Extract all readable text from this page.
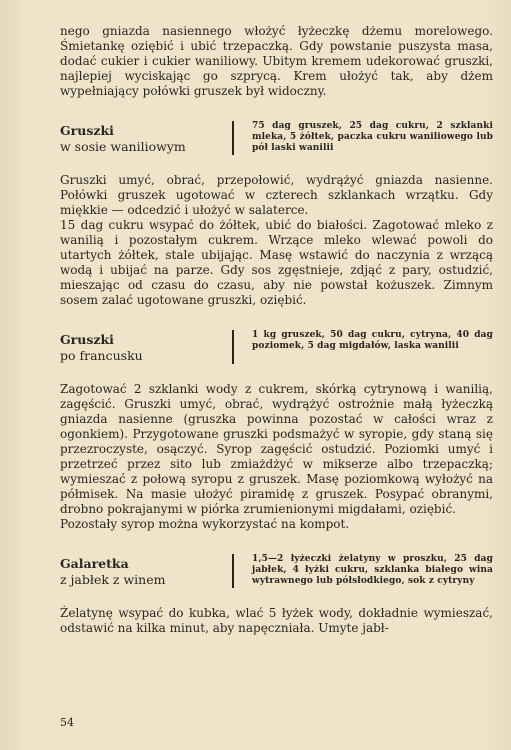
nego gniazda nasiennego włożyć łyżeczkę dżemu morelowego. Śmietankę oziębić i ubić trzepaczką. Gdy powstanie puszysta masa, dodać cukier i cukier waniliowy. Ubitym kremem udekorować gruszki, najlepiej wyciskając go szprycą. Krem ułożyć tak, aby dżem wypełniający połówki gruszek był widoczny.

Gruszki
w sosie waniliowym
75 dag gruszek, 25 dag cukru, 2 szklanki mleka, 5 żółtek, paczka cukru waniliowego lub pół laski wanilii

Gruszki umyć, obrać, przepołowić, wydrążyć gniazda nasienne. Połówki gruszek ugotować w czterech szklankach wrzątku. Gdy miękkie — odcedzić i ułożyć w salaterce.

15 dag cukru wsypać do żółtek, ubić do białości. Zagotować mleko z wanilią i pozostałym cukrem. Wrzące mleko wlewać powoli do utartych żółtek, stale ubijając. Masę wstawić do naczynia z wrzącą wodą i ubijać na parze. Gdy sos zgęstnieje, zdjąć z pary, ostudzić, mieszając od czasu do czasu, aby nie powstał kożuszek. Zimnym sosem zalać ugotowane gruszki, oziębić.

Gruszki
po francusku
1 kg gruszek, 50 dag cukru, cytryna, 40 dag poziomek, 5 dag migdałów, laska wanilii

Zagotować 2 szklanki wody z cukrem, skórką cytrynową i wanilią, zagęścić. Gruszki umyć, obrać, wydrążyć ostrożnie małą łyżeczką gniazda nasienne (gruszka powinna pozostać w całości wraz z ogonkiem). Przygotowane gruszki podsmażyć w syropie, gdy staną się przezroczyste, osączyć. Syrop zagęścić ostudzić. Poziomki umyć i przetrzeć przez sito lub zmiażdżyć w mikserze albo trzepaczką; wymieszać z połową syropu z gruszek. Masę poziomkową wyłożyć na półmisek. Na masie ułożyć piramidę z gruszek. Posypać obranymi, drobno pokrajanymi w piórka zrumienionymi migdałami, oziębić.

Pozostały syrop można wykorzystać na kompot.

Galaretka
z jabłek z winem
1,5—2 łyżeczki żelatyny w proszku, 25 dag jabłek, 4 łyżki cukru, szklanka białego wina wytrawnego lub półsłodkiego, sok z cytryny

Żelatynę wsypać do kubka, wlać 5 łyżek wody, dokładnie wymieszać, odstawić na kilka minut, aby napęczniała. Umyte jabł-

54
